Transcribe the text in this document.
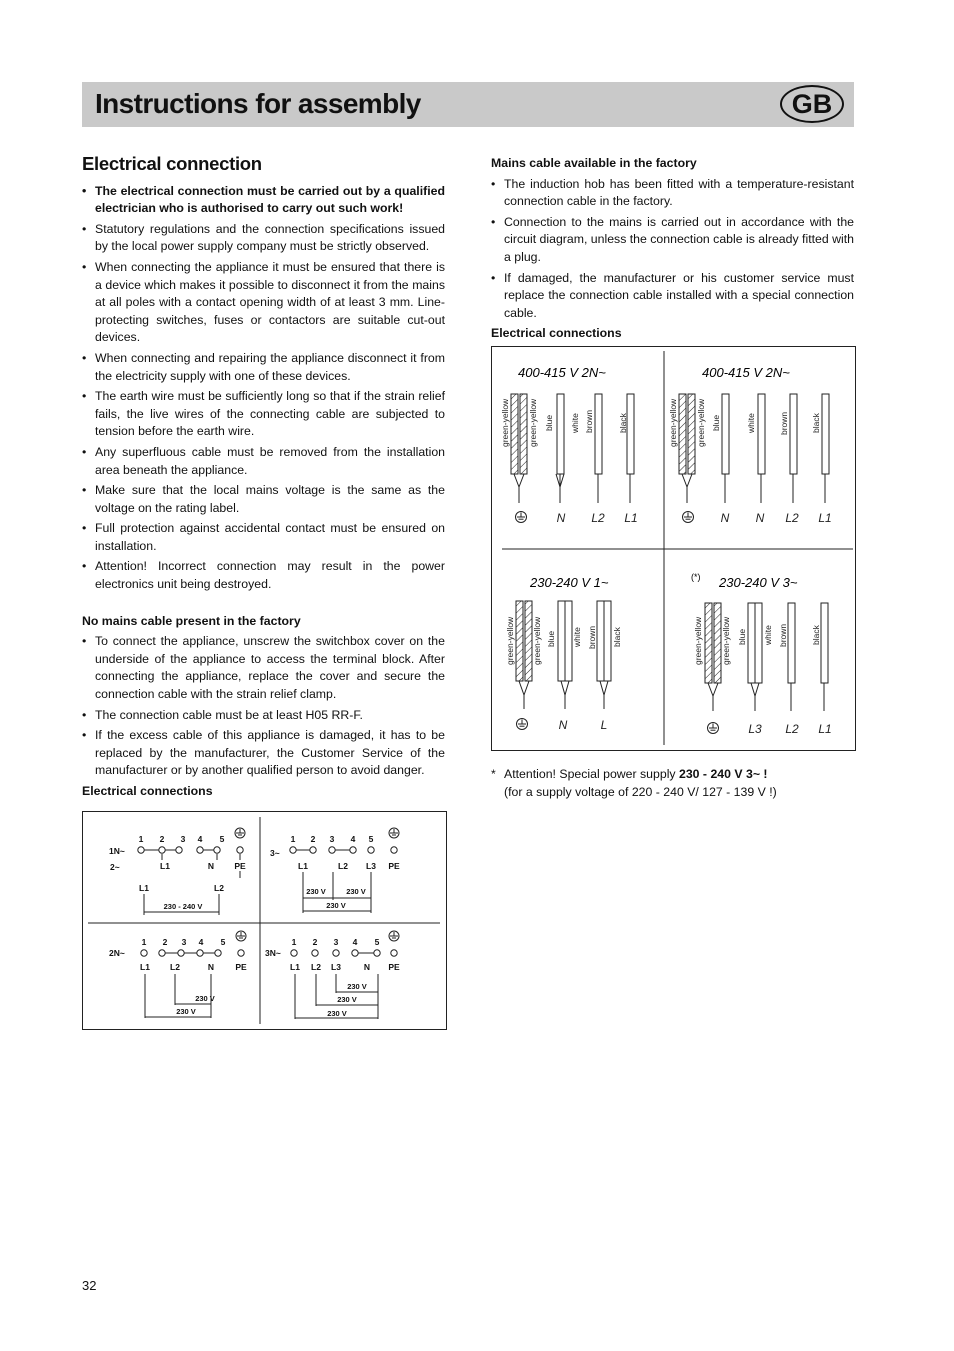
Instructions for assembly	GB
Electrical connection
• The electrical connection must be carried out by a qualified electrician who is authorised to carry out such work!
• Statutory regulations and the connection specifications issued by the local power supply company must be strictly observed.
• When connecting the appliance it must be ensured that there is a device which makes it possible to disconnect it from the mains at all poles with a contact opening width of at least 3 mm. Line-protecting switches, fuses or contactors are suitable cut-out devices.
• When connecting and repairing the appliance disconnect it from the electricity supply with one of these devices.
• The earth wire must be sufficiently long so that if the strain relief fails, the live wires of the connecting cable are subjected to tension before the earth wire.
• Any superfluous cable must be removed from the installation area beneath the appliance.
• Make sure that the local mains voltage is the same as the voltage on the rating label.
• Full protection against accidental contact must be ensured on installation.
• Attention! Incorrect connection may result in the power electronics unit being destroyed.
No mains cable present in the factory
• To connect the appliance, unscrew the switchbox cover on the underside of the appliance to access the terminal block. After connecting the appliance, replace the cover and secure the connection cable with the strain relief clamp.
• The connection cable must be at least H05 RR-F.
• If the excess cable of this appliance is damaged, it has to be replaced by the manufacturer, the Customer Service of the manufacturer or by another qualified person to avoid danger.
Electrical connections
1 2 3 4 5
1N~
2~	L1	N PE
L1	L2
230 - 240 V
1 2 3 4 5
3~
L1	L2 L3 PE
230 V	230 V
230 V
1 2 3 4 5
2N~
L1 L2	N	PE
230 V
230 V
1 2 3 4 5
3N~
L1 L2 L3	N PE
230 V
230 V
230 V
Mains cable available in the factory
• The induction hob has been fitted with a temperature-resistant connection cable in the factory.
• Connection to the mains is carried out in accordance with the circuit diagram, unless the connection cable is already fitted with a plug.
• If damaged, the manufacturer or his customer service must replace the connection cable installed with a special connection cable.
Electrical connections
400-415 V 2N~
green-yellow green-yellow blue white brown	black
N L2 L1
400-415 V 2N~
green-yellow green-yellow blue	white	brown	black
N N L2 L1
230-240 V 1~
green-yellow green-yellow blue white brown black
N	L
(*) 230-240 V 3~
green-yellow green-yellow blue white brown	black
L3 L2 L1
* Attention! Special power supply 230 - 240 V 3~ !
(for a supply voltage of 220 - 240 V/ 127 - 139 V !)
32
